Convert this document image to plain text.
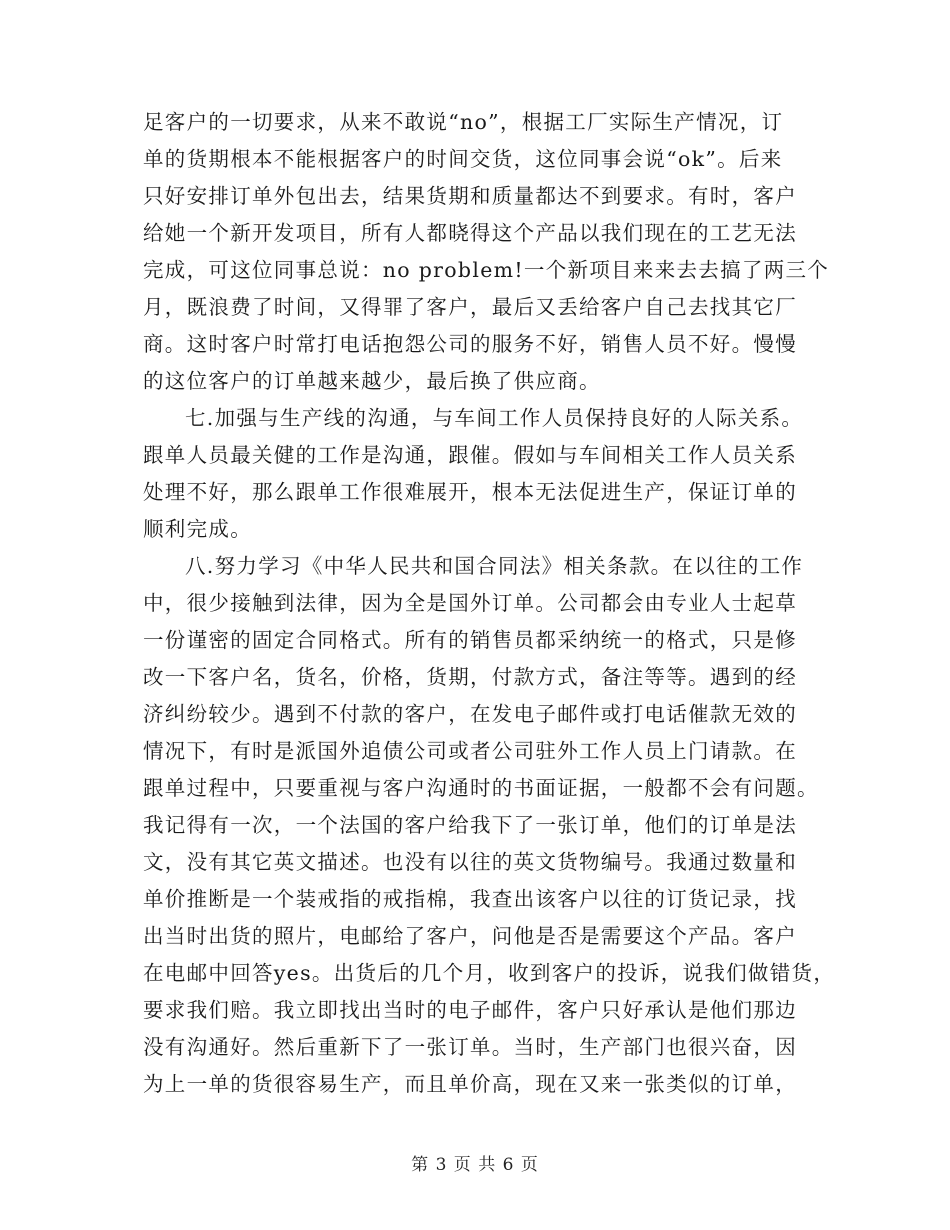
足客户的一切要求，从来不敢说“no”，根据工厂实际生产情况，订
单的货期根本不能根据客户的时间交货，这位同事会说“ok”。后来
只好安排订单外包出去，结果货期和质量都达不到要求。有时，客户
给她一个新开发项目，所有人都晓得这个产品以我们现在的工艺无法
完成，可这位同事总说：no problem!一个新项目来来去去搞了两三个
月，既浪费了时间，又得罪了客户，最后又丢给客户自己去找其它厂
商。这时客户时常打电话抱怨公司的服务不好，销售人员不好。慢慢
的这位客户的订单越来越少，最后换了供应商。
七.加强与生产线的沟通，与车间工作人员保持良好的人际关系。
跟单人员最关健的工作是沟通，跟催。假如与车间相关工作人员关系
处理不好，那么跟单工作很难展开，根本无法促进生产，保证订单的
顺利完成。
八.努力学习《中华人民共和国合同法》相关条款。在以往的工作
中，很少接触到法律，因为全是国外订单。公司都会由专业人士起草
一份谨密的固定合同格式。所有的销售员都采纳统一的格式，只是修
改一下客户名，货名，价格，货期，付款方式，备注等等。遇到的经
济纠纷较少。遇到不付款的客户，在发电子邮件或打电话催款无效的
情况下，有时是派国外追债公司或者公司驻外工作人员上门请款。在
跟单过程中，只要重视与客户沟通时的书面证据，一般都不会有问题。
我记得有一次，一个法国的客户给我下了一张订单，他们的订单是法
文，没有其它英文描述。也没有以往的英文货物编号。我通过数量和
单价推断是一个装戒指的戒指棉，我查出该客户以往的订货记录，找
出当时出货的照片，电邮给了客户，问他是否是需要这个产品。客户
在电邮中回答yes。出货后的几个月，收到客户的投诉，说我们做错货，
要求我们赔。我立即找出当时的电子邮件，客户只好承认是他们那边
没有沟通好。然后重新下了一张订单。当时，生产部门也很兴奋，因
为上一单的货很容易生产，而且单价高，现在又来一张类似的订单，
第 3 页 共 6 页
